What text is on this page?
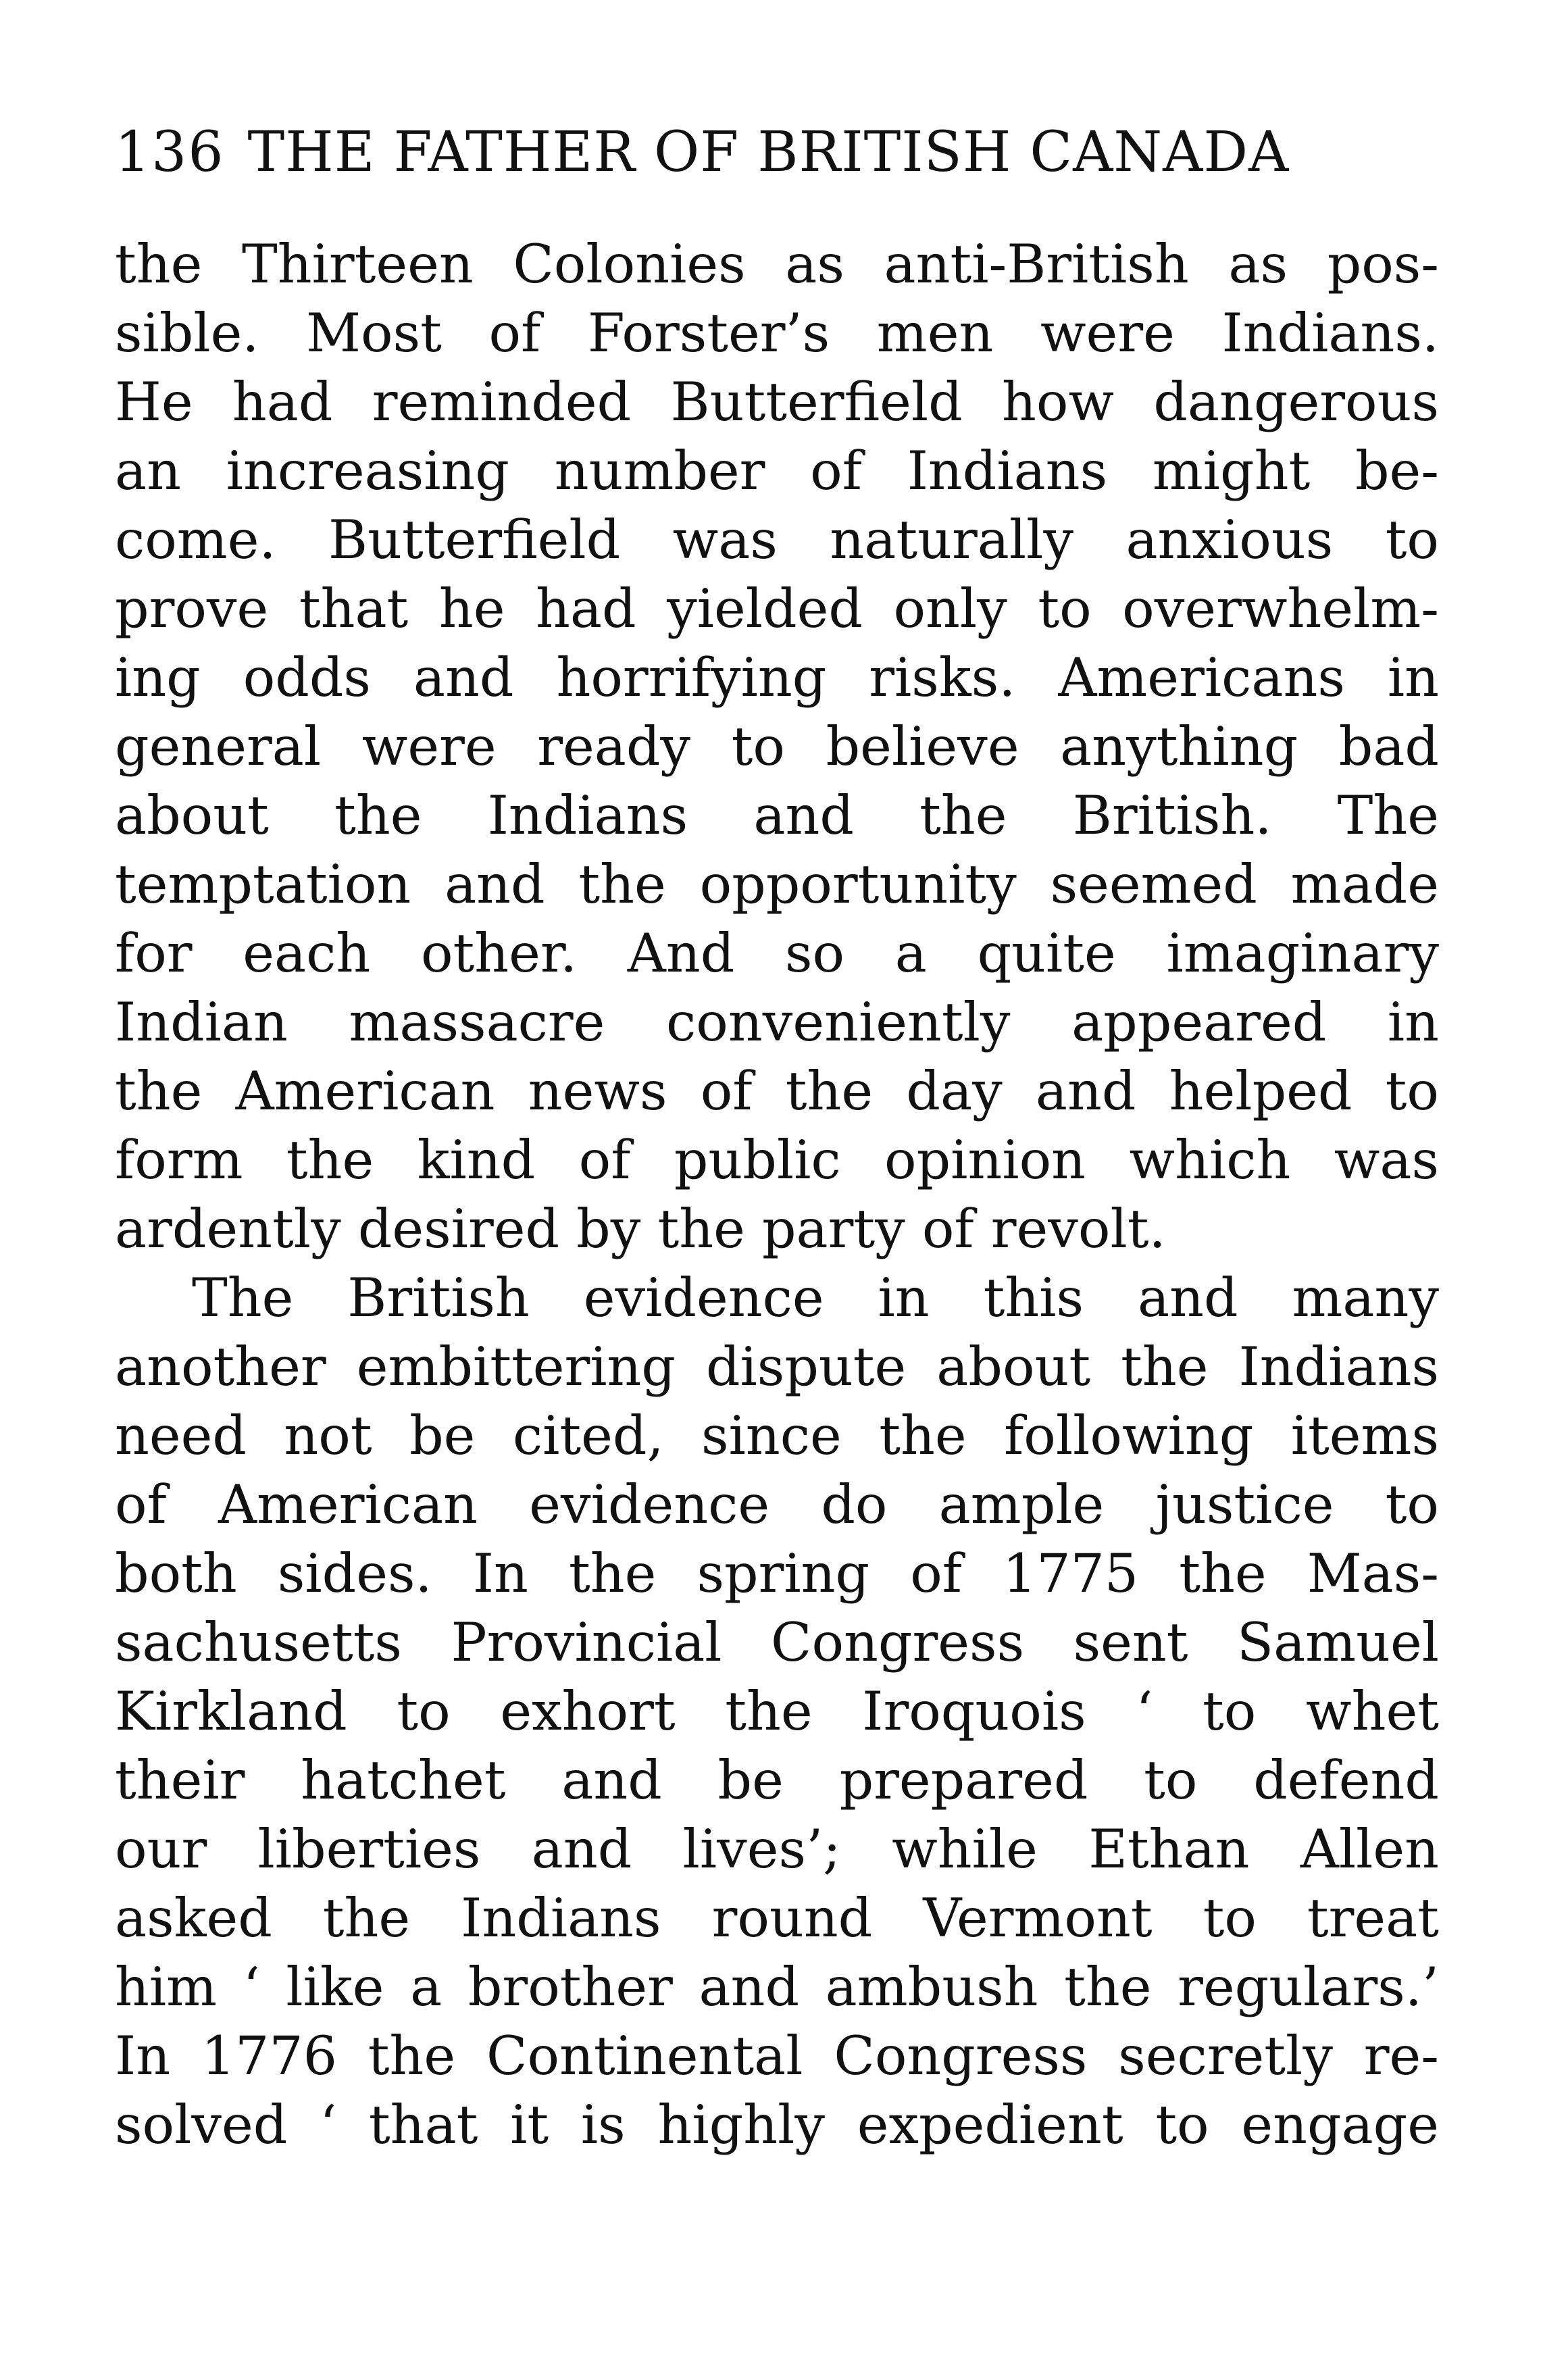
136 THE FATHER OF BRITISH CANADA
the Thirteen Colonies as anti-British as pos-
sible. Most of Forster’s men were Indians.
He had reminded Butterfield how dangerous
an increasing number of Indians might be-
come. Butterfield was naturally anxious to
prove that he had yielded only to overwhelm-
ing odds and horrifying risks. Americans in
general were ready to believe anything bad
about the Indians and the British. The
temptation and the opportunity seemed made
for each other. And so a quite imaginary
Indian massacre conveniently appeared in
the American news of the day and helped to
form the kind of public opinion which was
ardently desired by the party of revolt.
The British evidence in this and many
another embittering dispute about the Indians
need not be cited, since the following items
of American evidence do ample justice to
both sides. In the spring of 1775 the Mas-
sachusetts Provincial Congress sent Samuel
Kirkland to exhort the Iroquois ‘ to whet
their hatchet and be prepared to defend
our liberties and lives’; while Ethan Allen
asked the Indians round Vermont to treat
him ‘ like a brother and ambush the regulars.’
In 1776 the Continental Congress secretly re-
solved ‘ that it is highly expedient to engage
